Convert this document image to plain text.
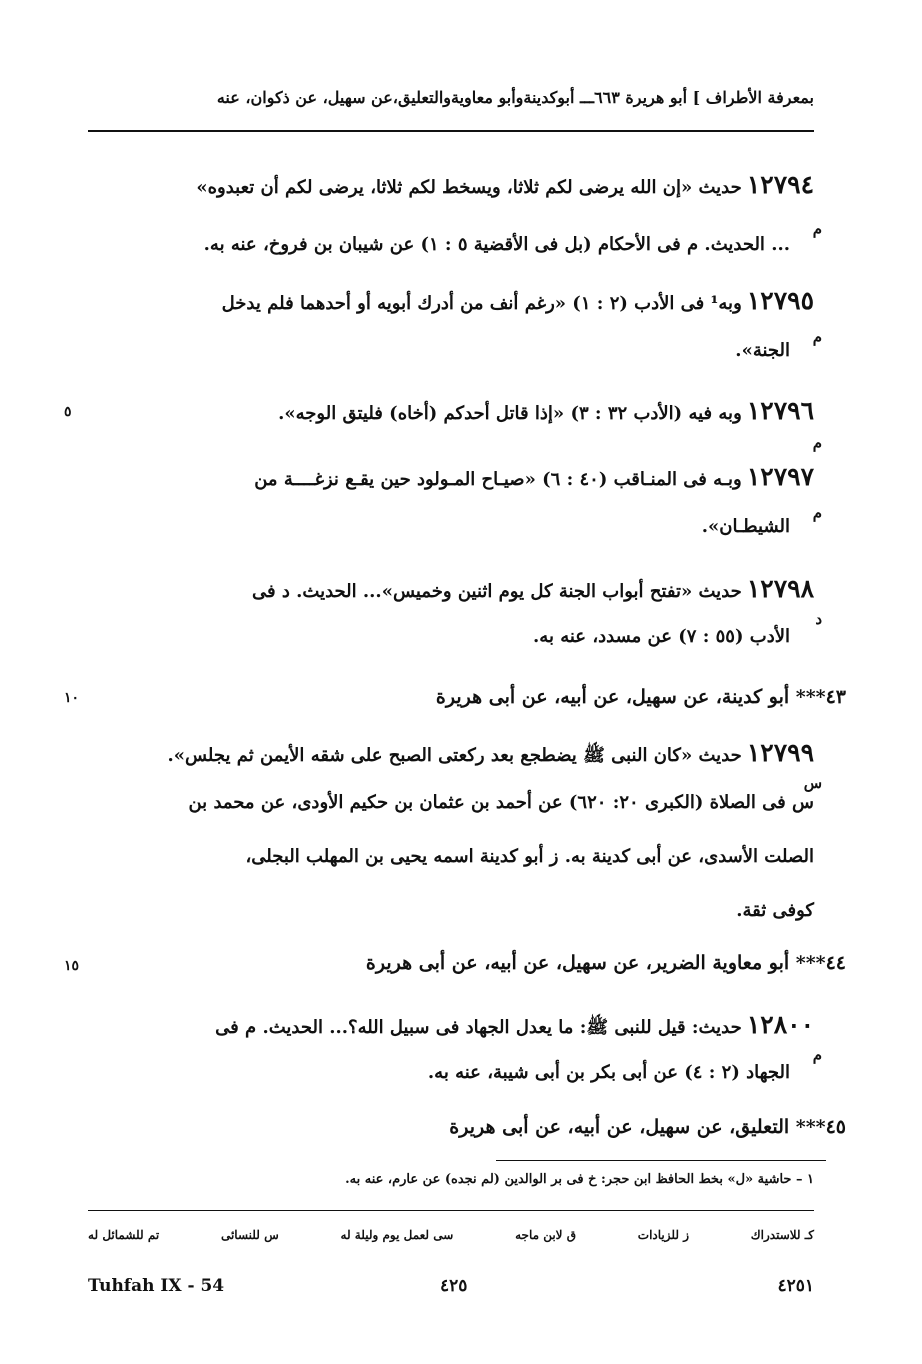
بمعرفة الأطراف ] أبو هريرة ٦٦٣ـــ أبوكدينةوأبو معاويةوالتعليق،عن سهيل، عن ذكوان، عنه
١٢٧٩٤ حديث «إن الله يرضى لكم ثلاثا، ويسخط لكم ثلاثا، يرضى لكم أن تعبدوه»
م
... الحديث. م فى الأحكام (بل فى الأقضية ٥ : ١) عن شيبان بن فروخ، عنه به.
١٢٧٩٥ وبه¹ فى الأدب (٢ : ١) «رغم أنف من أدرك أبويه أو أحدهما فلم يدخل
م
الجنة».
١٢٧٩٦ وبه فيه (الأدب ٣٢ : ٣) «إذا قاتل أحدكم (أخاه) فليتق الوجه».
٥
م
١٢٧٩٧ وبـه فى المنـاقب (٤٠ : ٦) «صيـاح المـولود حين يقـع نزغــــة من
م
الشيطـان».
١٢٧٩٨ حديث «تفتح أبواب الجنة كل يوم اثنين وخميس»... الحديث. د فى
د
الأدب (٥٥ : ٧) عن مسدد، عنه به.
٤٣*** أبو كدينة، عن سهيل، عن أبيه، عن أبى هريرة
١٠
١٢٧٩٩ حديث «كان النبى ﷺ يضطجع بعد ركعتى الصبح على شقه الأيمن ثم يجلس».
س
س فى الصلاة (الكبرى ٢٠: ٦٢٠) عن أحمد بن عثمان بن حكيم الأودى، عن محمد بن
الصلت الأسدى، عن أبى كدينة به. ز أبو كدينة اسمه يحيى بن المهلب البجلى،
كوفى ثقة.
٤٤*** أبو معاوية الضرير، عن سهيل، عن أبيه، عن أبى هريرة
١٥
١٢٨٠٠ حديث: قيل للنبى ﷺ: ما يعدل الجهاد فى سبيل الله؟... الحديث. م فى
م
الجهاد (٢ : ٤) عن أبى بكر بن أبى شيبة، عنه به.
٤٥*** التعليق، عن سهيل، عن أبيه، عن أبى هريرة
١ – حاشية «ل» بخط الحافظ ابن حجر: خ فى بر الوالدين (لم نجده) عن عارم، عنه به.
تم للشمائل له	س للنسائى	سى لعمل يوم وليلة له	ق لابن ماجه	ز للزيادات	كـ للاستدراك
Tuhfah IX - 54	٤٢٥	٤٢٥١
